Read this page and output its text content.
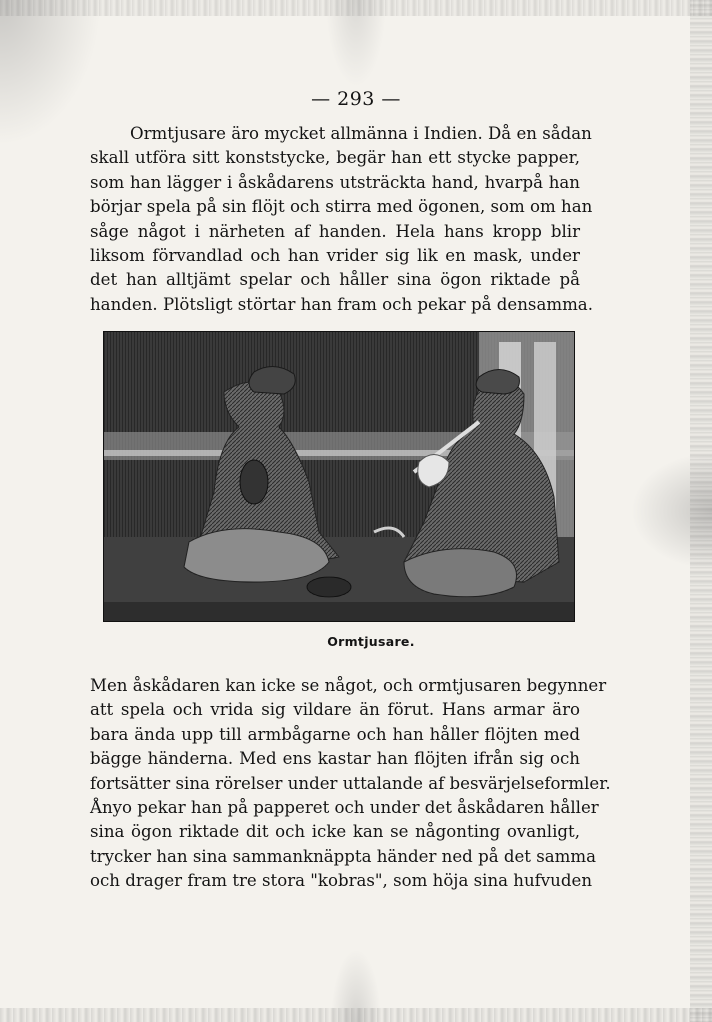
— 293 —
Ormtjusare äro mycket allmänna i Indien. Då en sådan
skall utföra sitt konststycke, begär han ett stycke papper,
som han lägger i åskådarens utsträckta hand, hvarpå han
börjar spela på sin flöjt och stirra med ögonen, som om han
såge något i närheten af handen. Hela hans kropp blir
liksom förvandlad och han vrider sig lik en mask, under
det han alltjämt spelar och håller sina ögon riktade på
handen. Plötsligt störtar han fram och pekar på densamma.
Ormtjusare.
Men åskådaren kan icke se något, och ormtjusaren begynner
att spela och vrida sig vildare än förut. Hans armar äro
bara ända upp till armbågarne och han håller flöjten med
bägge händerna. Med ens kastar han flöjten ifrån sig och
fortsätter sina rörelser under uttalande af besvärjelseformler.
Ånyo pekar han på papperet och under det åskådaren håller
sina ögon riktade dit och icke kan se någonting ovanligt,
trycker han sina sammanknäppta händer ned på det samma
och drager fram tre stora "kobras", som höja sina hufvuden
